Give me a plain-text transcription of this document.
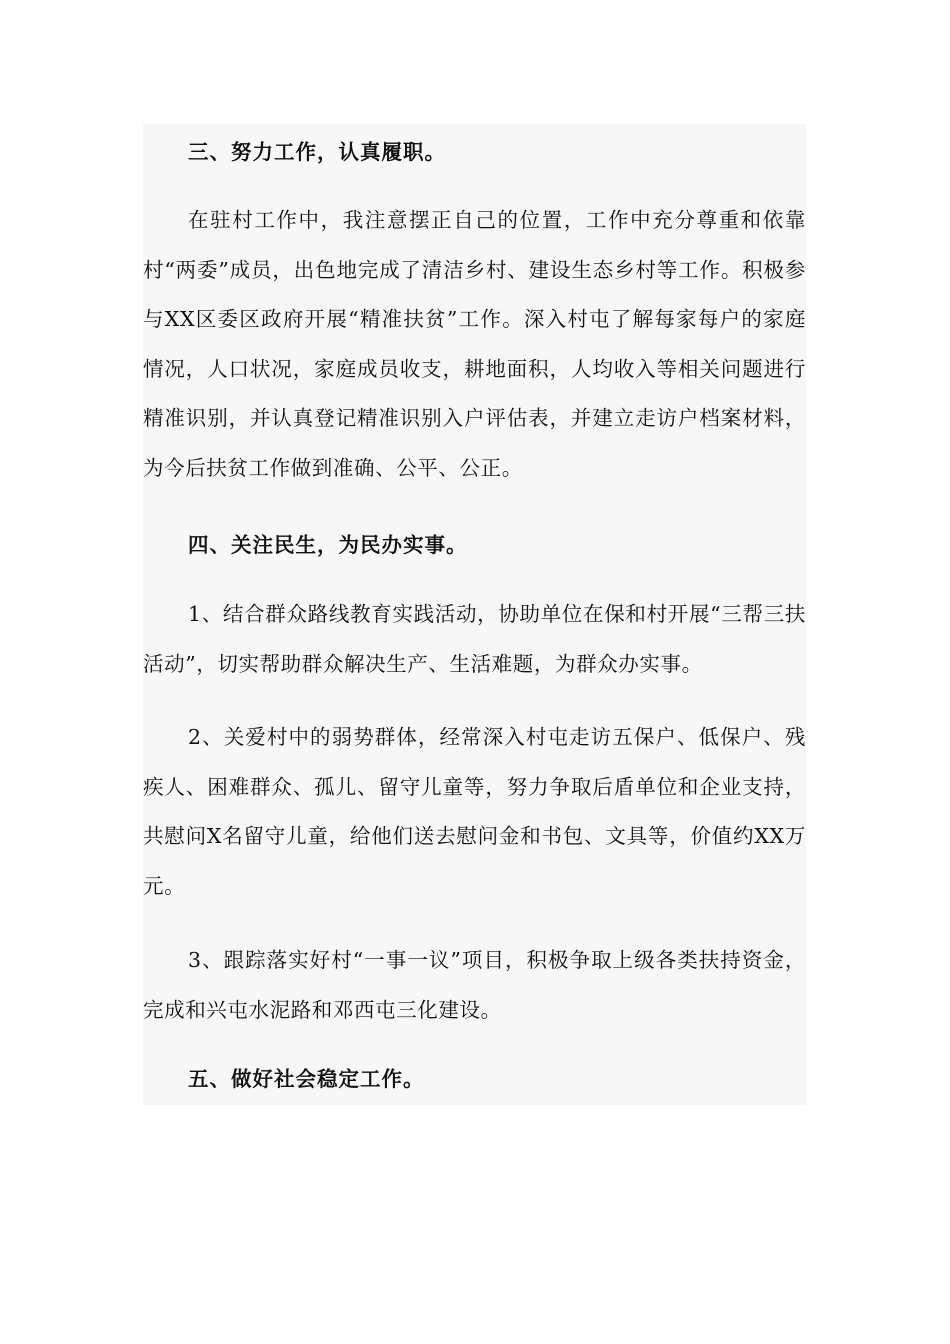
三、努力工作，认真履职。

在驻村工作中，我注意摆正自己的位置，工作中充分尊重和依靠村“两委”成员，出色地完成了清洁乡村、建设生态乡村等工作。积极参与XX区委区政府开展“精准扶贫”工作。深入村屯了解每家每户的家庭情况，人口状况，家庭成员收支，耕地面积，人均收入等相关问题进行精准识别，并认真登记精准识别入户评估表，并建立走访户档案材料，为今后扶贫工作做到准确、公平、公正。

四、关注民生，为民办实事。

1、结合群众路线教育实践活动，协助单位在保和村开展“三帮三扶活动”，切实帮助群众解决生产、生活难题，为群众办实事。

2、关爱村中的弱势群体，经常深入村屯走访五保户、低保户、残疾人、困难群众、孤儿、留守儿童等，努力争取后盾单位和企业支持，共慰问X名留守儿童，给他们送去慰问金和书包、文具等，价值约XX万元。

3、跟踪落实好村“一事一议”项目，积极争取上级各类扶持资金，完成和兴屯水泥路和邓西屯三化建设。

五、做好社会稳定工作。
